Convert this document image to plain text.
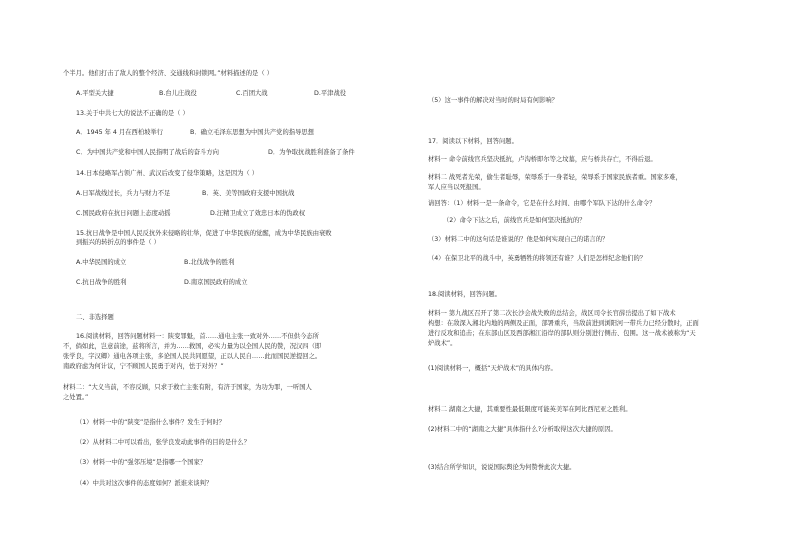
个半月。他们打击了敌人的整个经济、交通线和封锁网。”材料描述的是（ ）
A.平型关大捷	B.台儿庄战役	C.百团大战	D.平津战役
13.关于中共七大的说法不正确的是（ ）
A．1945 年 4 月在西柏坡举行	B．确立毛泽东思想为中国共产党的指导思想
C．为中国共产党和中国人民指明了战后的奋斗方向	D．为争取抗战胜利准备了条件
14.日本侵略军占领广州、武汉后改变了侵华策略，这是因为（ ）
A.日军战线过长，兵力与财力不足	B．英、美等国政府支援中国抗战
C.国民政府在抗日问题上态度动摇	D.汪精卫成立了效忠日本的伪政权
15.抗日战争是中国人民反抗外来侵略的壮举，促进了中华民族的觉醒，成为中华民族由衰败
到振兴的转折点的事件是（ ）
A.中华民国的成立	B.北伐战争的胜利
C.抗日战争的胜利	D.南京国民政府的成立
二、非选择题
16.阅读材料，回答问题材料一：陕变罪魁，首……通电主张一致对外……不但供今态所
不，倘如此，岂意前途，兹将所言，并为……救国，必实力量为以全国人民的赞，况汉四（即
张学良，字汉卿）通电各项主张，多论国人民共同愿望，正以人民自……此而国民逆提回之。
南政府虑为何计议，宁不顾国人民勇于对内，怯于对外？”
材料二：“大义当前，不容反顾，只求于救亡主张有附，有济于国家，为功为罪，一听国人
之处置。”
（1）材料一中的“陕变”是指什么事件？发生于何时？
（2）从材料二中可以看出，张学良发动此事件的目的是什么？
（3）材料一中的“强邻压境”是指哪一个国家？
（4）中共对这次事件的态度如何？派谁来谈判？
（5）这一事件的解决对当时的时局有何影响？
17．阅读以下材料，回答问题。
材料一 命令前线官兵坚决抵抗，卢沟桥即尔等之坟墓，应与桥共存亡，不得后退。
材料二 战死者光荣，偷生者耻辱，荣辱系于一身者轻，荣辱系于国家民族者重。国家多难，
军人应当以死报国。
请回答：（1）材料一是一条命令，它是在什么时间、由哪个军队下达的什么命令？
（2）命令下达之后，前线官兵是如何坚决抵抗的？
（3）材料二中的这句话是谁说的？他是如何实现自己的诺言的？
（4）在保卫北平的战斗中，英勇牺牲的将领还有谁？人们是怎样纪念他们的？
18.阅读材料，回答问题。
材料一 第九战区召开了第二次长沙会战失败的总结会，战区司令长官薛岳提出了如下战术
构想：在敌深入湘北内地的两侧及正面，部署重兵，当敌前进到浏阳河一带兵力已经分散时，正面
进行反攻和追击；在东部山区及西部湘江沿岸的部队则分别进行侧击、包围。这一战术被称为“天
炉战术”。
(1)阅读材料一，概括“天炉战术”的具体内容。
材料二 湖南之大捷，其重要性最低限度可能英美军在阿比西尼亚之胜利。
(2)材料二中的“湖南之大捷”具体指什么?分析取得这次大捷的原因。
(3)结合所学知识，说说国际舆论为何赞誉此次大捷。
